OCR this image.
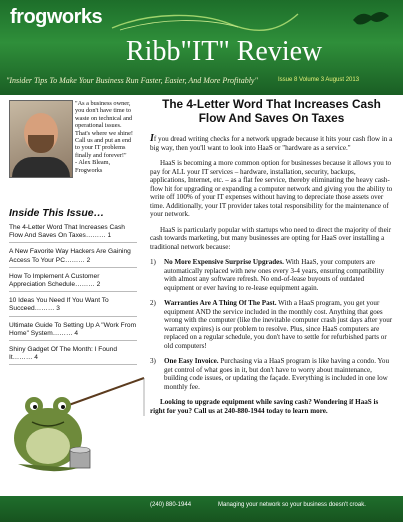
frogworks
Ribb"IT" Review
"Insider Tips To Make Your Business Run Faster, Easier, And More Profitably"	Issue 8 Volume 3 August 2013
"As a business owner, you don't have time to waste on technical and operational issues. That's where we shine! Call us and put an end to your IT problems finally and forever!"
- Alex Bleam,
Frogworks
Inside This Issue…
The 4-Letter Word That Increases Cash Flow And Saves On Taxes……… 1
A New Favorite Way Hackers Are Gaining Access To Your PC……… 2
How To Implement A Customer Appreciation Schedule……… 2
10 Ideas You Need If You Want To Succeed……… 3
Ultimate Guide To Setting Up A "Work From Home" System……… 4
Shiny Gadget Of The Month: I Found It……… 4
The 4-Letter Word That Increases Cash Flow And Saves On Taxes

If you dread writing checks for a network upgrade because it hits your cash flow in a big way, then you'll want to look into HaaS or "hardware as a service."

HaaS is becoming a more common option for businesses because it allows you to pay for ALL your IT services – hardware, installation, security, backups, applications, Internet, etc. – as a flat fee service, thereby eliminating the heavy cash-flow hit for upgrading or expanding a computer network and giving you the ability to write off 100% of your IT expenses without having to depreciate those assets over time. Additionally, your IT provider takes total responsibility for the maintenance of your network.

HaaS is particularly popular with startups who need to direct the majority of their cash towards marketing, but many businesses are opting for HaaS over installing a traditional network because:

1)	No More Expensive Surprise Upgrades. With HaaS, your computers are automatically replaced with new ones every 3-4 years, ensuring compatibility with almost any software refresh. No end-of-lease buyouts of outdated equipment or ever having to re-lease equipment again.
2)	Warranties Are A Thing Of The Past. With a HaaS program, you get your equipment AND the service included in the monthly cost. Anything that goes wrong with the computer (like the inevitable computer crash just days after your warranty expires) is our problem to resolve. Plus, since HaaS computers are replaced on a regular schedule, you don't have to settle for refurbished parts or old computers!
3)	One Easy Invoice. Purchasing via a HaaS program is like having a condo. You get control of what goes in it, but don't have to worry about maintenance, building code issues, or updating the façade. Everything is included in one low monthly fee.

Looking to upgrade equipment while saving cash? Wondering if HaaS is right for you? Call us at 240-880-1944 today to learn more.

(240) 880-1944	Managing your network so your business doesn't croak.
